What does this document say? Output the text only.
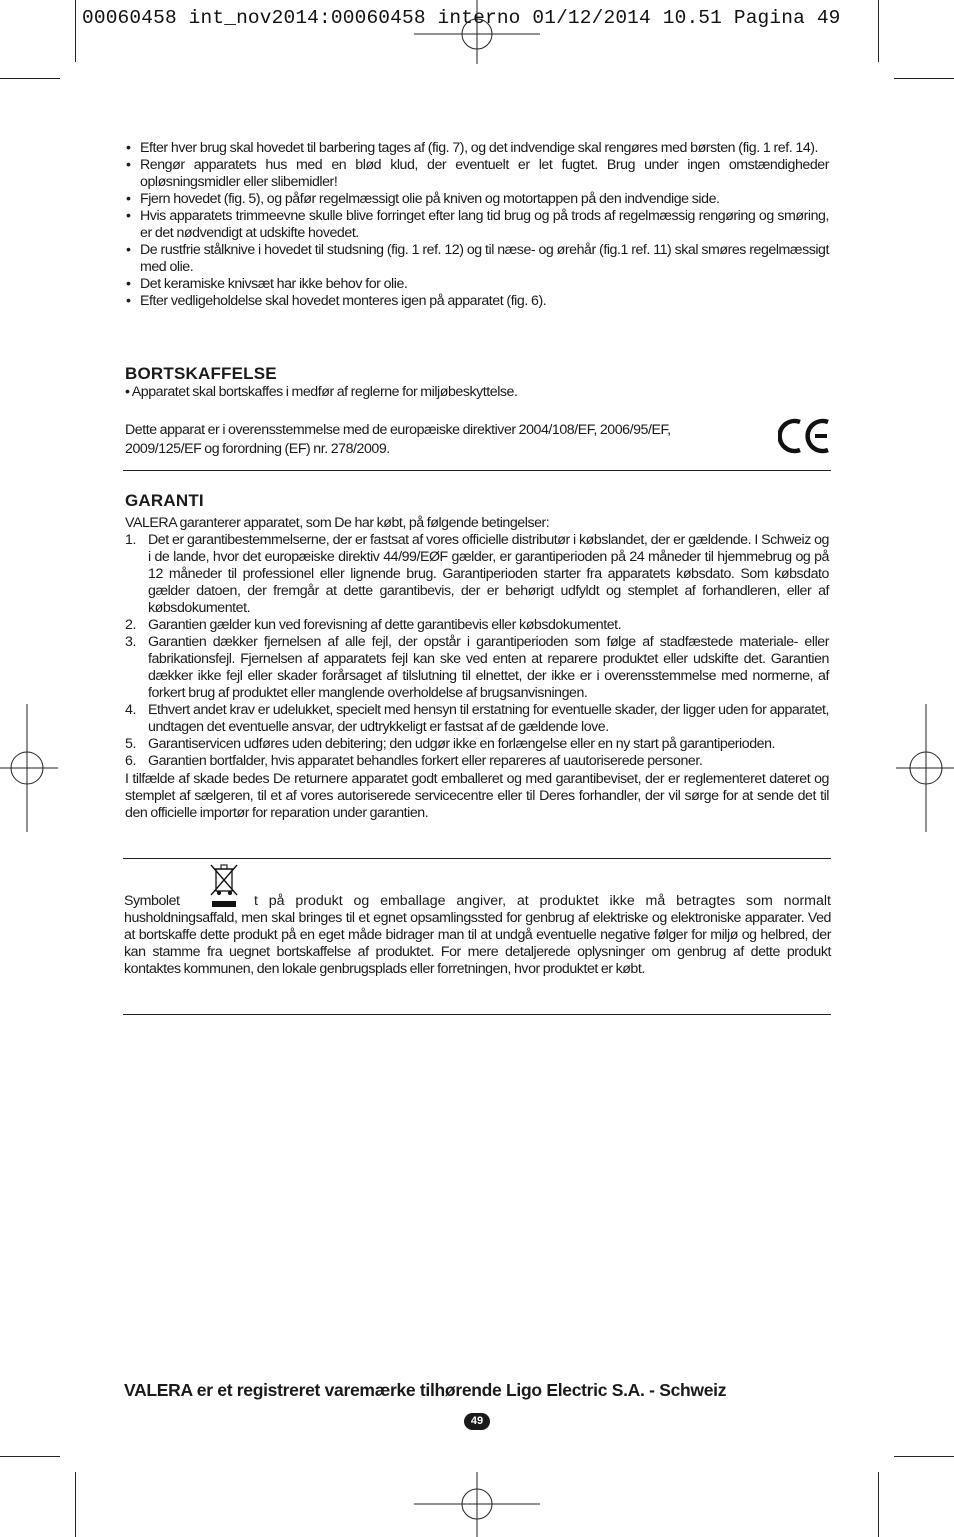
00060458 int_nov2014:00060458 interno 01/12/2014 10.51 Pagina 49
• Efter hver brug skal hovedet til barbering tages af (fig. 7), og det indvendige skal rengøres med børsten (fig. 1 ref. 14).
• Rengør apparatets hus med en blød klud, der eventuelt er let fugtet. Brug under ingen omstændigheder opløsningsmidler eller slibemidler!
• Fjern hovedet (fig. 5), og påfør regelmæssigt olie på kniven og motortappen på den indvendige side.
• Hvis apparatets trimmeevne skulle blive forringet efter lang tid brug og på trods af regelmæssig rengøring og smøring, er det nødvendigt at udskifte hovedet.
• De rustfrie stålknive i hovedet til studsning (fig. 1 ref. 12) og til næse- og ørehår (fig.1 ref. 11) skal smøres regelmæssigt med olie.
• Det keramiske knivsæt har ikke behov for olie.
• Efter vedligeholdelse skal hovedet monteres igen på apparatet (fig. 6).
BORTSKAFFELSE
• Apparatet skal bortskaffes i medfør af reglerne for miljøbeskyttelse.
Dette apparat er i overensstemmelse med de europæiske direktiver 2004/108/EF, 2006/95/EF,
2009/125/EF og forordning (EF) nr. 278/2009.
GARANTI
VALERA garanterer apparatet, som De har købt, på følgende betingelser:
1. Det er garantibestemmelserne, der er fastsat af vores officielle distributør i købslandet, der er gældende. I Schweiz og i de lande, hvor det europæiske direktiv 44/99/EØF gælder, er garantiperioden på 24 måneder til hjemmebrug og på 12 måneder til professionel eller lignende brug. Garantiperioden starter fra apparatets købsdato. Som købsdato gælder datoen, der fremgår at dette garantibevis, der er behørigt udfyldt og stemplet af forhandleren, eller af købsdokumentet.
2. Garantien gælder kun ved forevisning af dette garantibevis eller købsdokumentet.
3. Garantien dækker fjernelsen af alle fejl, der opstår i garantiperioden som følge af stadfæstede materiale- eller fabrikationsfejl. Fjernelsen af apparatets fejl kan ske ved enten at reparere produktet eller udskifte det. Garantien dækker ikke fejl eller skader forårsaget af tilslutning til elnettet, der ikke er i overensstemmelse med normerne, af forkert brug af produktet eller manglende overholdelse af brugsanvisningen.
4. Ethvert andet krav er udelukket, specielt med hensyn til erstatning for eventuelle skader, der ligger uden for apparatet, undtagen det eventuelle ansvar, der udtrykkeligt er fastsat af de gældende love.
5. Garantiservicen udføres uden debitering; den udgør ikke en forlængelse eller en ny start på garantiperioden.
6. Garantien bortfalder, hvis apparatet behandles forkert eller repareres af uautoriserede personer.
I tilfælde af skade bedes De returnere apparatet godt emballeret og med garantibeviset, der er reglementeret dateret og stemplet af sælgeren, til et af vores autoriserede servicecentre eller til Deres forhandler, der vil sørge for at sende det til den officielle importør for reparation under garantien.
Symbolet	t på produkt og emballage angiver, at produktet ikke må betragtes som normalt
husholdningsaffald, men skal bringes til et egnet opsamlingssted for genbrug af elektriske og elektroniske apparater. Ved at bortskaffe dette produkt på en eget måde bidrager man til at undgå eventuelle negative følger for miljø og helbred, der kan stamme fra uegnet bortskaffelse af produktet. For mere detaljerede oplysninger om genbrug af dette produkt kontaktes kommunen, den lokale genbrugsplads eller forretningen, hvor produktet er købt.
VALERA er et registreret varemærke tilhørende Ligo Electric S.A. - Schweiz
49
